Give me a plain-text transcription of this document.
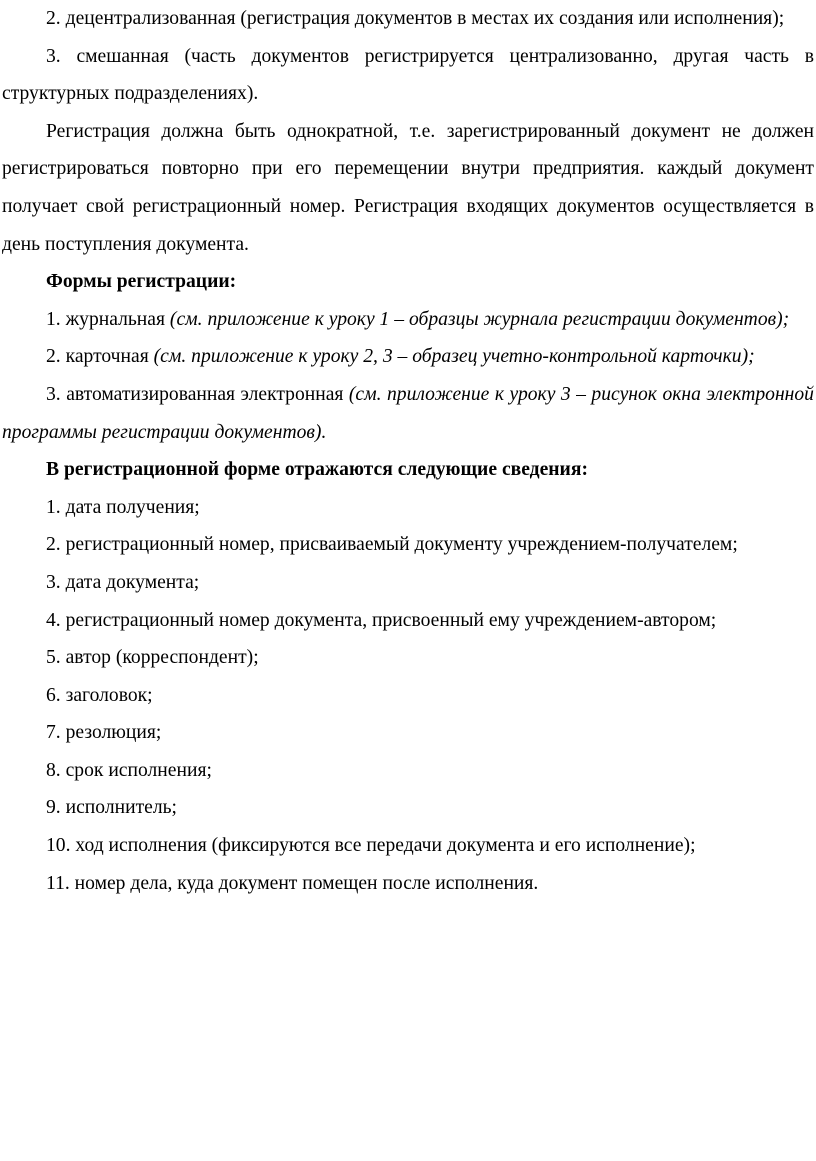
2. децентрализованная (регистрация документов в местах их создания или исполнения);

3. смешанная (часть документов регистрируется централизованно, другая часть в структурных подразделениях).

Регистрация должна быть однократной, т.е. зарегистрированный документ не должен регистрироваться повторно при его перемещении внутри предприятия. каждый документ получает свой регистрационный номер. Регистрация входящих документов осуществляется в день поступления документа.

Формы регистрации:

1. журнальная (см. приложение к уроку 1 – образцы журнала регистрации документов);

2. карточная (см. приложение к уроку 2, 3 – образец учетно-контрольной карточки);

3. автоматизированная электронная (см. приложение к уроку 3 – рисунок окна электронной программы регистрации документов).

В регистрационной форме отражаются следующие сведения:

1. дата получения;

2. регистрационный номер, присваиваемый документу учреждением-получателем;

3. дата документа;

4. регистрационный номер документа, присвоенный ему учреждением-автором;

5. автор (корреспондент);

6. заголовок;

7. резолюция;

8. срок исполнения;

9. исполнитель;

10. ход исполнения (фиксируются все передачи документа и его исполнение);

11. номер дела, куда документ помещен после исполнения.
